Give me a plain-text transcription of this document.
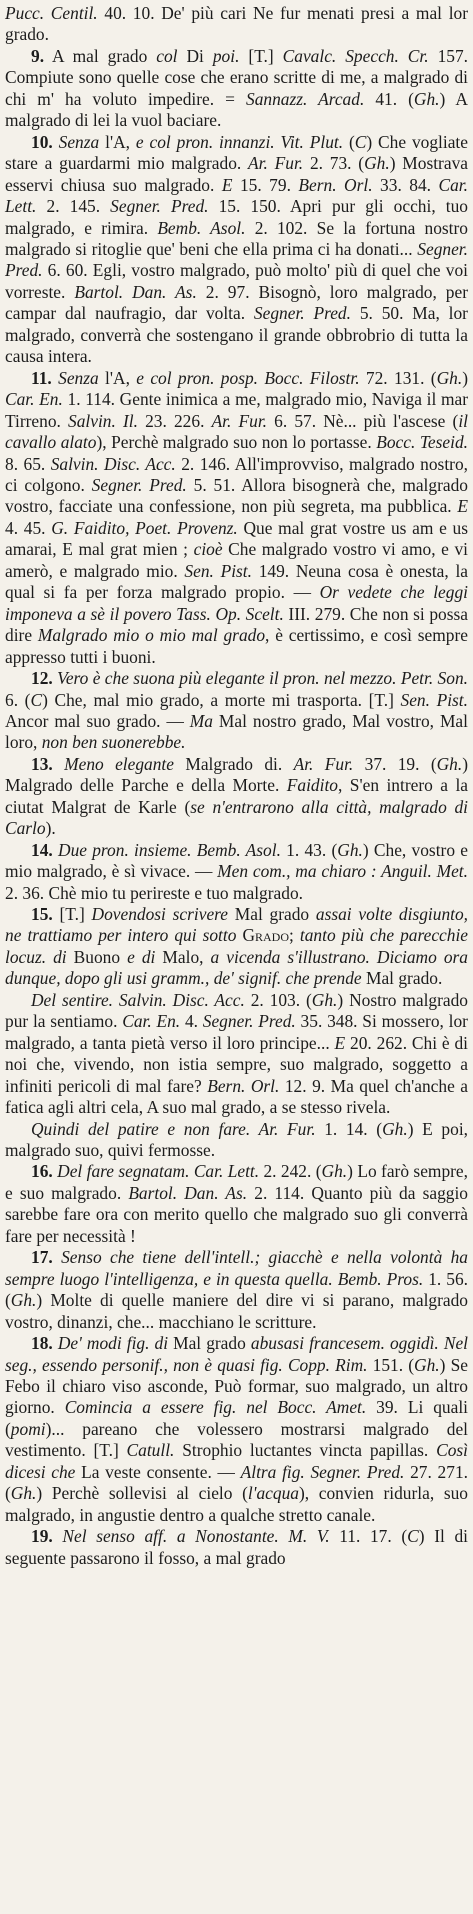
Pucc. Centil. 40. 10. De' più cari Ne fur menati presi a mal lor grado.

9. A mal grado col Di poi. [T.] Cavalc. Specch. Cr. 157. Compiute sono quelle cose che erano scritte di me, a malgrado di chi m' ha voluto impedire. = Sannazz. Arcad. 41. (Gh.) A malgrado di lei la vuol baciare.

10. Senza l'A, e col pron. innanzi. Vit. Plut. (C) Che vogliate stare a guardarmi mio malgrado. Ar. Fur. 2. 73. (Gh.) Mostrava esservi chiusa suo malgrado. E 15. 79. Bern. Orl. 33. 84. Car. Lett. 2. 145. Segner. Pred. 15. 150. Apri pur gli occhi, tuo malgrado, e rimira. Bemb. Asol. 2. 102. Se la fortuna nostro malgrado si ritoglie que' beni che ella prima ci ha donati... Segner. Pred. 6. 60. Egli, vostro malgrado, può molto' più di quel che voi vorreste. Bartol. Dan. As. 2. 97. Bisognò, loro malgrado, per campar dal naufragio, dar volta. Segner. Pred. 5. 50. Ma, lor malgrado, converrà che sostengano il grande obbrobrio di tutta la causa intera.

11. Senza l'A, e col pron. posp. Bocc. Filostr. 72. 131. (Gh.) Car. En. 1. 114. Gente inimica a me, malgrado mio, Naviga il mar Tirreno. Salvin. Il. 23. 226. Ar. Fur. 6. 57. Nè... più l'ascese (il cavallo alato), Perchè malgrado suo non lo portasse. Bocc. Teseid. 8. 65. Salvin. Disc. Acc. 2. 146. All'improvviso, malgrado nostro, ci colgono. Segner. Pred. 5. 51. Allora bisognerà che, malgrado vostro, facciate una confessione, non più segreta, ma pubblica. E 4. 45. G. Faidito, Poet. Provenz. Que mal grat vostre us am e us amarai, E mal grat mien ; cioè Che malgrado vostro vi amo, e vi amerò, e malgrado mio. Sen. Pist. 149. Neuna cosa è onesta, la qual si fa per forza malgrado propio. — Or vedete che leggi imponeva a sè il povero Tass. Op. Scelt. III. 279. Che non si possa dire Malgrado mio o mio mal grado, è certissimo, e così sempre appresso tutti i buoni.

12. Vero è che suona più elegante il pron. nel mezzo. Petr. Son. 6. (C) Che, mal mio grado, a morte mi trasporta. [T.] Sen. Pist. Ancor mal suo grado. — Ma Mal nostro grado, Mal vostro, Mal loro, non ben suonerebbe.

13. Meno elegante Malgrado di. Ar. Fur. 37. 19. (Gh.) Malgrado delle Parche e della Morte. Faidito, S'en intrero a la ciutat Malgrat de Karle (se n'entrarono alla città, malgrado di Carlo).

14. Due pron. insieme. Bemb. Asol. 1. 43. (Gh.) Che, vostro e mio malgrado, è sì vivace. — Men com., ma chiaro : Anguil. Met. 2. 36. Chè mio tu perireste e tuo malgrado.

15. [T.] Dovendosi scrivere Mal grado assai volte disgiunto, ne trattiamo per intero qui sotto Grado; tanto più che parecchie locuz. di Buono e di Malo, a vicenda s'illustrano. Diciamo ora dunque, dopo gli usi gramm., de' signif. che prende Mal grado.

Del sentire. Salvin. Disc. Acc. 2. 103. (Gh.) Nostro malgrado pur la sentiamo. Car. En. 4. Segner. Pred. 35. 348. Si mossero, lor malgrado, a tanta pietà verso il loro principe... E 20. 262. Chi è di noi che, vivendo, non istia sempre, suo malgrado, soggetto a infiniti pericoli di mal fare? Bern. Orl. 12. 9. Ma quel ch'anche a fatica agli altri cela, A suo mal grado, a se stesso rivela.

Quindi del patire e non fare. Ar. Fur. 1. 14. (Gh.) E poi, malgrado suo, quivi fermosse.

16. Del fare segnatam. Car. Lett. 2. 242. (Gh.) Lo farò sempre, e suo malgrado. Bartol. Dan. As. 2. 114. Quanto più da saggio sarebbe fare ora con merito quello che malgrado suo gli converrà fare per necessità !

17. Senso che tiene dell'intell.; giacchè e nella volontà ha sempre luogo l'intelligenza, e in questa quella. Bemb. Pros. 1. 56. (Gh.) Molte di quelle maniere del dire vi si parano, malgrado vostro, dinanzi, che... macchiano le scritture.

18. De' modi fig. di Mal grado abusasi francesem. oggidì. Nel seg., essendo personif., non è quasi fig. Copp. Rim. 151. (Gh.) Se Febo il chiaro viso asconde, Può formar, suo malgrado, un altro giorno. Comincia a essere fig. nel Bocc. Amet. 39. Li quali (pomi)... pareano che volessero mostrarsi malgrado del vestimento. [T.] Catull. Strophio luctantes vincta papillas. Così dicesi che La veste consente. — Altra fig. Segner. Pred. 27. 271. (Gh.) Perchè sollevisi al cielo (l'acqua), convien ridurla, suo malgrado, in angustie dentro a qualche stretto canale.

19. Nel senso aff. a Nonostante. M. V. 11. 17. (C) Il di seguente passarono il fosso, a mal grado
